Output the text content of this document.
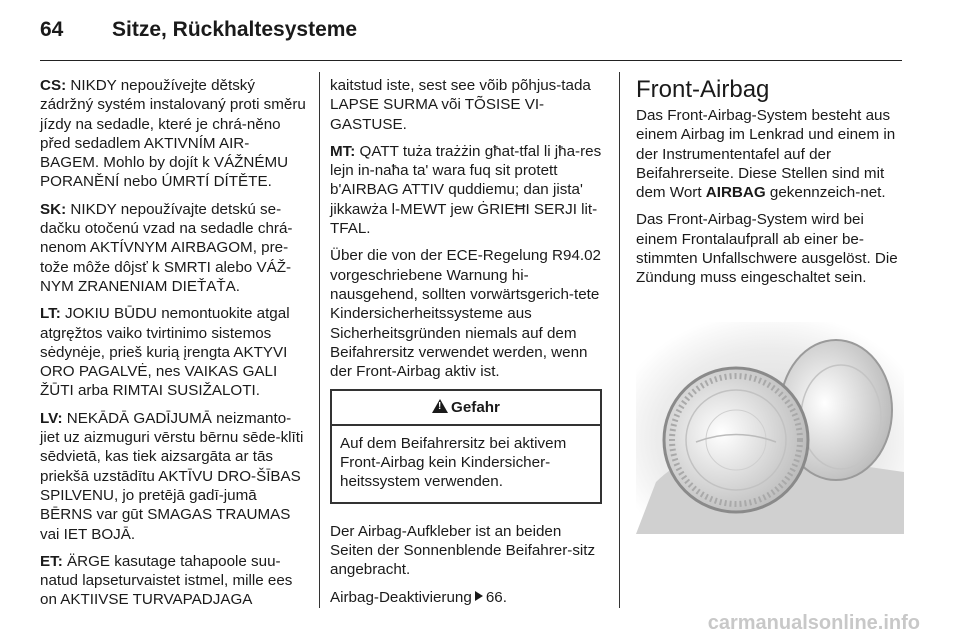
64 Sitze, Rückhaltesysteme

CS: NIKDY nepoužívejte dětský zádržný systém instalovaný proti směru jízdy na sedadle, které je chrá-něno před sedadlem AKTIVNÍM AIR-BAGEM. Mohlo by dojít k VÁŽNÉMU PORANĚNÍ nebo ÚMRTÍ DÍTĚTE.

SK: NIKDY nepoužívajte detskú se-dačku otočenú vzad na sedadle chrá-nenom AKTÍVNYM AIRBAGOM, pre-tože môže dôjsť k SMRTI alebo VÁŽ-NYM ZRANENIAM DIEŤAŤA.

LT: JOKIU BŪDU nemontuokite atgal atgręžtos vaiko tvirtinimo sistemos sėdynėje, prieš kurią įrengta AKTYVI ORO PAGALVĖ, nes VAIKAS GALI ŽŪTI arba RIMTAI SUSIŽALOTI.

LV: NEKĀDĀ GADĪJUMĀ neizmanto-jiet uz aizmuguri vērstu bērnu sēde-klīti sēdvietā, kas tiek aizsargāta ar tās priekšā uzstādītu AKTĪVU DRO-ŠĪBAS SPILVENU, jo pretējā gadī-jumā BĒRNS var gūt SMAGAS TRAUMAS vai IET BOJĀ.

ET: ÄRGE kasutage tahapoole suu-natud lapseturvaistet istmel, mille ees on AKTIIVSE TURVAPADJAGA

kaitstud iste, sest see võib põhjus-tada LAPSE SURMA või TÕSISE VI-GASTUSE.

MT: QATT tuża trażżin għat-tfal li jħa-res lejn in-naħa ta' wara fuq sit protett b'AIRBAG ATTIV quddiemu; dan jista' jikkawża l-MEWT jew ĠRIEĦI SERJI lit-TFAL.

Über die von der ECE-Regelung R94.02 vorgeschriebene Warnung hi-nausgehend, sollten vorwärtsgerich-tete Kindersicherheitssysteme aus Sicherheitsgründen niemals auf dem Beifahrersitz verwendet werden, wenn der Front-Airbag aktiv ist.

!Gefahr
Auf dem Beifahrersitz bei aktivem Front-Airbag kein Kindersicher-heitssystem verwenden.

Der Airbag-Aufkleber ist an beiden Seiten der Sonnenblende Beifahrer-sitz angebracht.

Airbag-Deaktivierung 66.

Front-Airbag

Das Front-Airbag-System besteht aus einem Airbag im Lenkrad und einem in der Instrumententafel auf der Beifahrerseite. Diese Stellen sind mit dem Wort AIRBAG gekennzeich-net.

Das Front-Airbag-System wird bei einem Frontalaufprall ab einer be-stimmten Unfallschwere ausgelöst. Die Zündung muss eingeschaltet sein.

carmanualsonline.info
